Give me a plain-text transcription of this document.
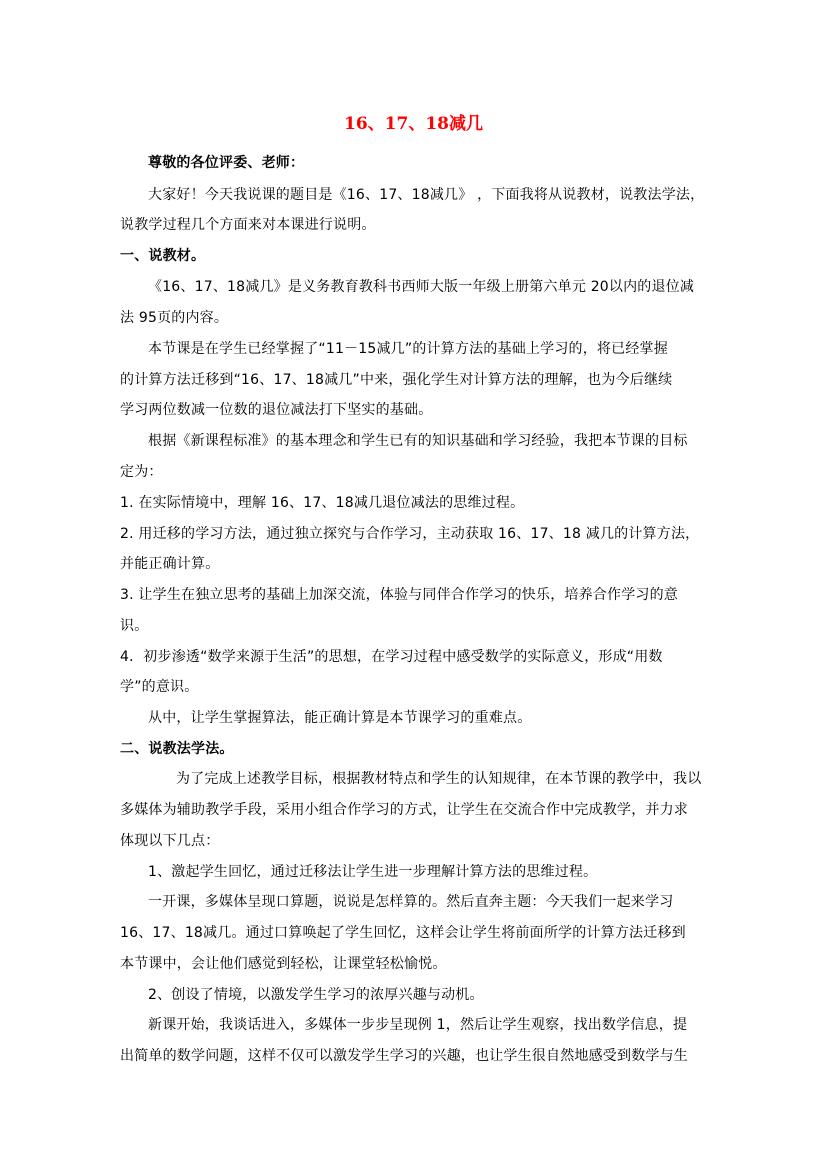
16、17、18减几
尊敬的各位评委、老师：
大家好！今天我说课的题目是《16、17、18减几》 ，下面我将从说教材，说教法学法，
说教学过程几个方面来对本课进行说明。
一、说教材。
《16、17、18减几》是义务教育教科书西师大版一年级上册第六单元 20以内的退位减
法 95页的内容。
本节课是在学生已经掌握了“11－15减几”的计算方法的基础上学习的，将已经掌握
的计算方法迁移到“16、17、18减几”中来，强化学生对计算方法的理解，也为今后继续
学习两位数减一位数的退位减法打下坚实的基础。
根据《新课程标准》的基本理念和学生已有的知识基础和学习经验，我把本节课的目标
定为：
1. 在实际情境中，理解 16、17、18减几退位减法的思维过程。
2. 用迁移的学习方法，通过独立探究与合作学习，主动获取 16、17、18 减几的计算方法，
并能正确计算。
3. 让学生在独立思考的基础上加深交流，体验与同伴合作学习的快乐，培养合作学习的意
识。
4．初步渗透“数学来源于生活”的思想，在学习过程中感受数学的实际意义，形成“用数
学”的意识。
从中，让学生掌握算法，能正确计算是本节课学习的重难点。
二、说教法学法。
为了完成上述教学目标，根据教材特点和学生的认知规律，在本节课的教学中，我以
多媒体为辅助教学手段，采用小组合作学习的方式，让学生在交流合作中完成教学，并力求
体现以下几点：
1、激起学生回忆，通过迁移法让学生进一步理解计算方法的思维过程。
一开课，多媒体呈现口算题，说说是怎样算的。然后直奔主题：今天我们一起来学习
16、17、18减几。通过口算唤起了学生回忆，这样会让学生将前面所学的计算方法迁移到
本节课中，会让他们感觉到轻松，让课堂轻松愉悦。
2、创设了情境，以激发学生学习的浓厚兴趣与动机。
新课开始，我谈话进入，多媒体一步步呈现例 1，然后让学生观察，找出数学信息，提
出简单的数学问题，这样不仅可以激发学生学习的兴趣，也让学生很自然地感受到数学与生
